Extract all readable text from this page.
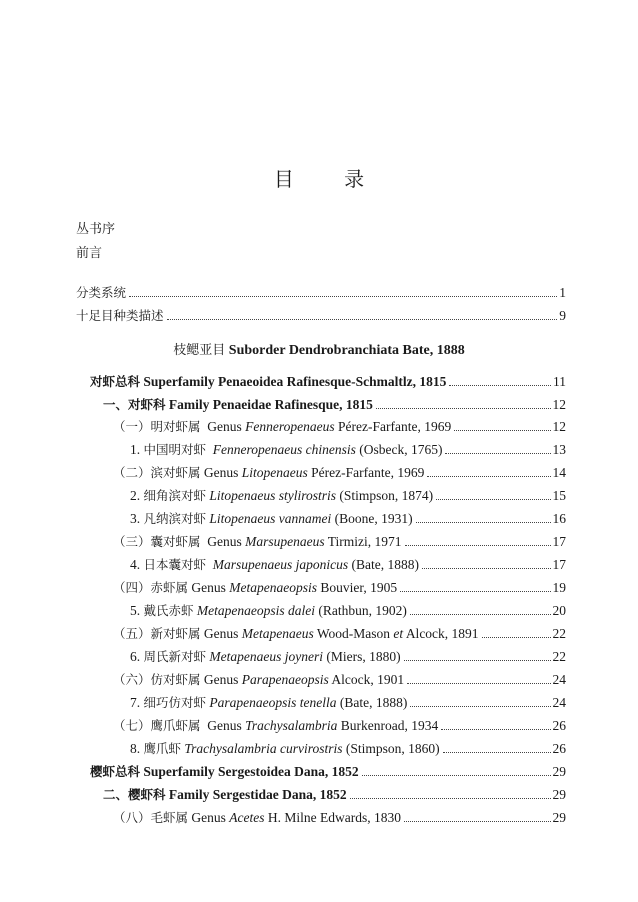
目	录
丛书序
前言
分类系统	1
十足目种类描述	9
枝鳃亚目 Suborder Dendrobranchiata Bate, 1888
对虾总科 Superfamily Penaeoidea Rafinesque-Schmaltlz, 1815	11
一、对虾科 Family Penaeidae Rafinesque, 1815	12
（一）明对虾属 Genus Fenneropenaeus Pérez-Farfante, 1969	12
1. 中国明对虾 Fenneropenaeus chinensis (Osbeck, 1765)	13
（二）滨对虾属 Genus Litopenaeus Pérez-Farfante, 1969	14
2. 细角滨对虾 Litopenaeus stylirostris (Stimpson, 1874)	15
3. 凡纳滨对虾 Litopenaeus vannamei (Boone, 1931)	16
（三）囊对虾属 Genus Marsupenaeus Tirmizi, 1971	17
4. 日本囊对虾 Marsupenaeus japonicus (Bate, 1888)	17
（四）赤虾属 Genus Metapenaeopsis Bouvier, 1905	19
5. 戴氏赤虾 Metapenaeopsis dalei (Rathbun, 1902)	20
（五）新对虾属 Genus Metapenaeus Wood-Mason et Alcock, 1891	22
6. 周氏新对虾 Metapenaeus joyneri (Miers, 1880)	22
（六）仿对虾属 Genus Parapenaeopsis Alcock, 1901	24
7. 细巧仿对虾 Parapenaeopsis tenella (Bate, 1888)	24
（七）鹰爪虾属 Genus Trachysalambria Burkenroad, 1934	26
8. 鹰爪虾 Trachysalambria curvirostris (Stimpson, 1860)	26
樱虾总科 Superfamily Sergestoidea Dana, 1852	29
二、樱虾科 Family Sergestidae Dana, 1852	29
（八）毛虾属 Genus Acetes H. Milne Edwards, 1830	29
